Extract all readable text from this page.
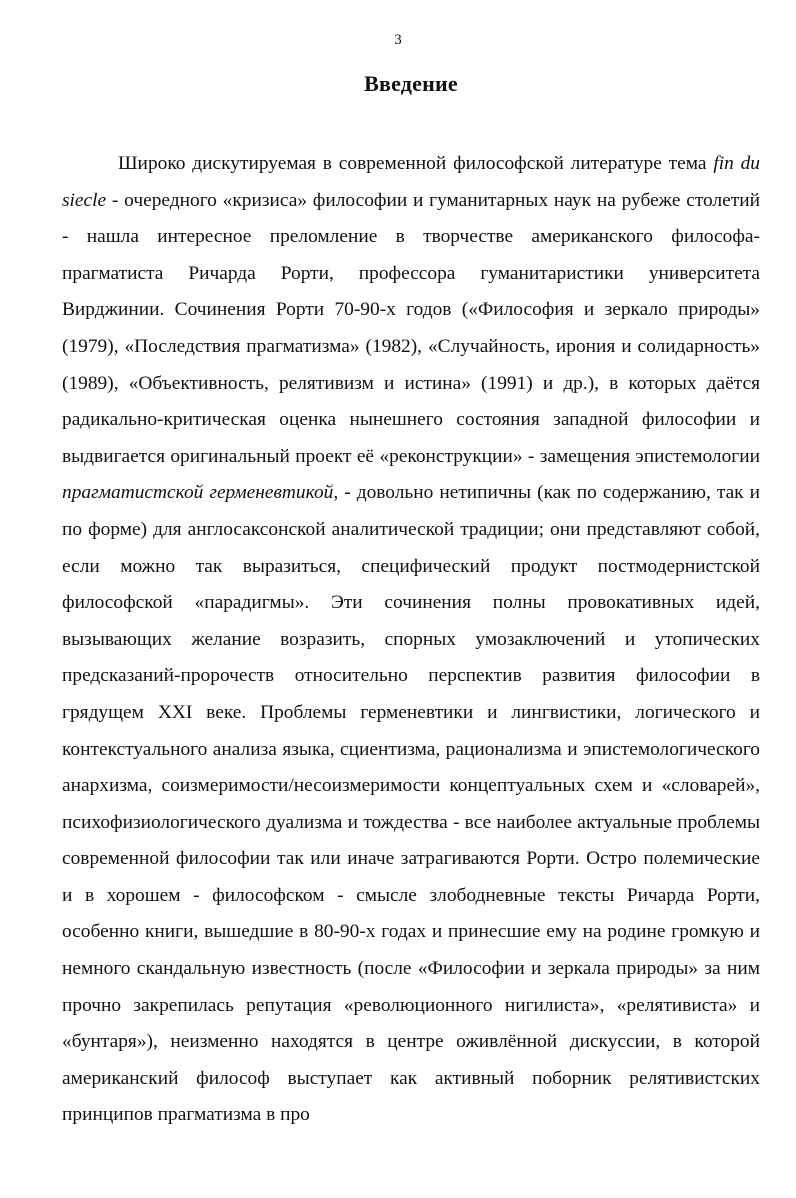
3
Введение

Широко дискутируемая в современной философской литературе тема fin du siecle - очередного «кризиса» философии и гуманитарных наук на рубеже столетий - нашла интересное преломление в творчестве американского философа-прагматиста Ричарда Рорти, профессора гуманитаристики университета Вирджинии. Сочинения Рорти 70-90-х годов («Философия и зеркало природы» (1979), «Последствия прагматизма» (1982), «Случайность, ирония и солидарность» (1989), «Объективность, релятивизм и истина» (1991) и др.), в которых даётся радикально-критическая оценка нынешнего состояния западной философии и выдвигается оригинальный проект её «реконструкции» - замещения эпистемологии прагматистской герменевтикой, - довольно нетипичны (как по содержанию, так и по форме) для англосаксонской аналитической традиции; они представляют собой, если можно так выразиться, специфический продукт постмодернистской философской «парадигмы». Эти сочинения полны провокативных идей, вызывающих желание возразить, спорных умозаключений и утопических предсказаний-пророчеств относительно перспектив развития философии в грядущем XXI веке. Проблемы герменевтики и лингвистики, логического и контекстуального анализа языка, сциентизма, рационализма и эпистемологического анархизма, соизмеримости/несоизмеримости концептуальных схем и «словарей», психофизиологического дуализма и тождества - все наиболее актуальные проблемы современной философии так или иначе затрагиваются Рорти. Остро полемические и в хорошем - философском - смысле злободневные тексты Ричарда Рорти, особенно книги, вышедшие в 80-90-х годах и принесшие ему на родине громкую и немного скандальную известность (после «Философии и зеркала природы» за ним прочно закрепилась репутация «революционного нигилиста», «релятивиста» и «бунтаря»), неизменно находятся в центре оживлённой дискуссии, в которой американский философ выступает как активный поборник релятивистских принципов прагматизма в про
